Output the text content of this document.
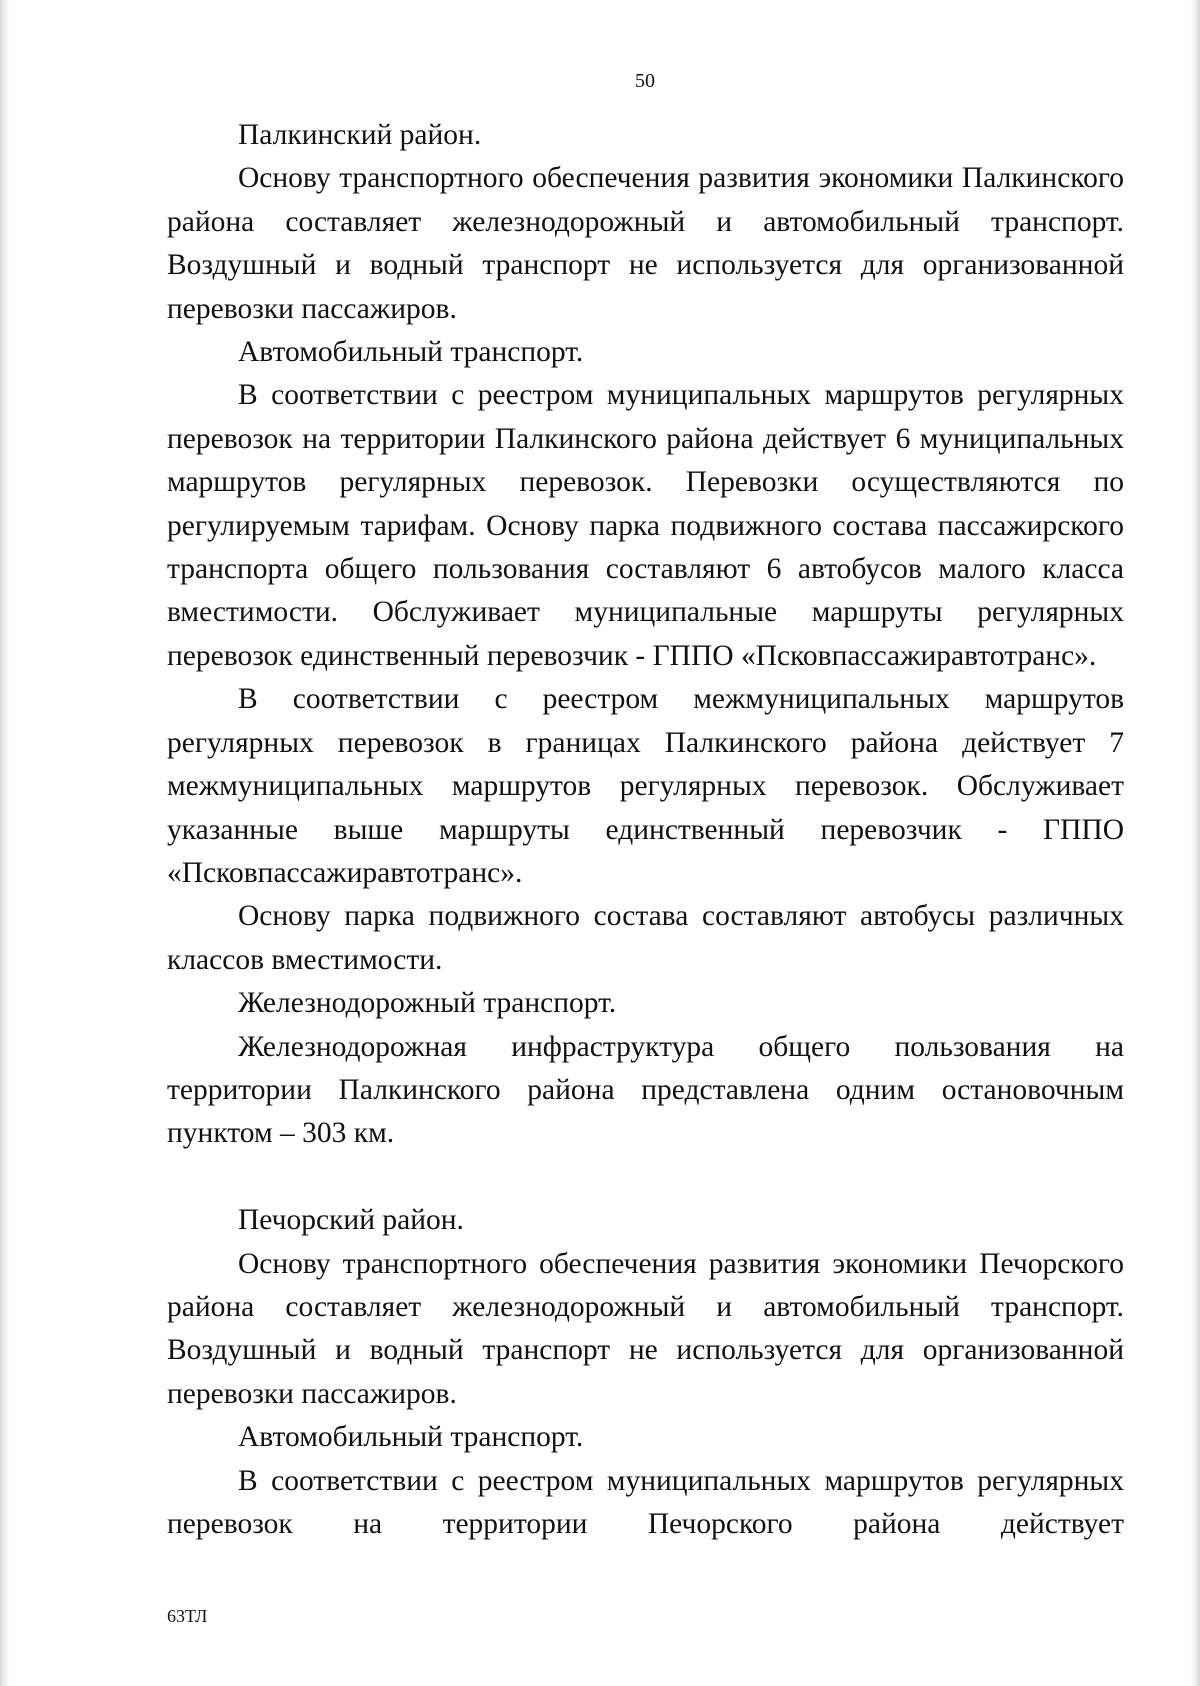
50

Палкинский район.

Основу транспортного обеспечения развития экономики Палкинского района составляет железнодорожный и автомобильный транспорт. Воздушный и водный транспорт не используется для организованной перевозки пассажиров.

Автомобильный транспорт.

В соответствии с реестром муниципальных маршрутов регулярных перевозок на территории Палкинского района действует 6 муниципальных маршрутов регулярных перевозок. Перевозки осуществляются по регулируемым тарифам. Основу парка подвижного состава пассажирского транспорта общего пользования составляют 6 автобусов малого класса вместимости. Обслуживает муниципальные маршруты регулярных перевозок единственный перевозчик - ГППО «Псковпассажиравтотранс».

В соответствии с реестром межмуниципальных маршрутов регулярных перевозок в границах Палкинского района действует 7 межмуниципальных маршрутов регулярных перевозок. Обслуживает указанные выше маршруты единственный перевозчик - ГППО «Псковпассажиравтотранс».

Основу парка подвижного состава составляют автобусы различных классов вместимости.

Железнодорожный транспорт.

Железнодорожная инфраструктура общего пользования на территории Палкинского района представлена одним остановочным пунктом – 303 км.

Печорский район.

Основу транспортного обеспечения развития экономики Печорского района составляет железнодорожный и автомобильный транспорт. Воздушный и водный транспорт не используется для организованной перевозки пассажиров.

Автомобильный транспорт.

В соответствии с реестром муниципальных маршрутов регулярных перевозок на территории Печорского района действует

63ТЛ
